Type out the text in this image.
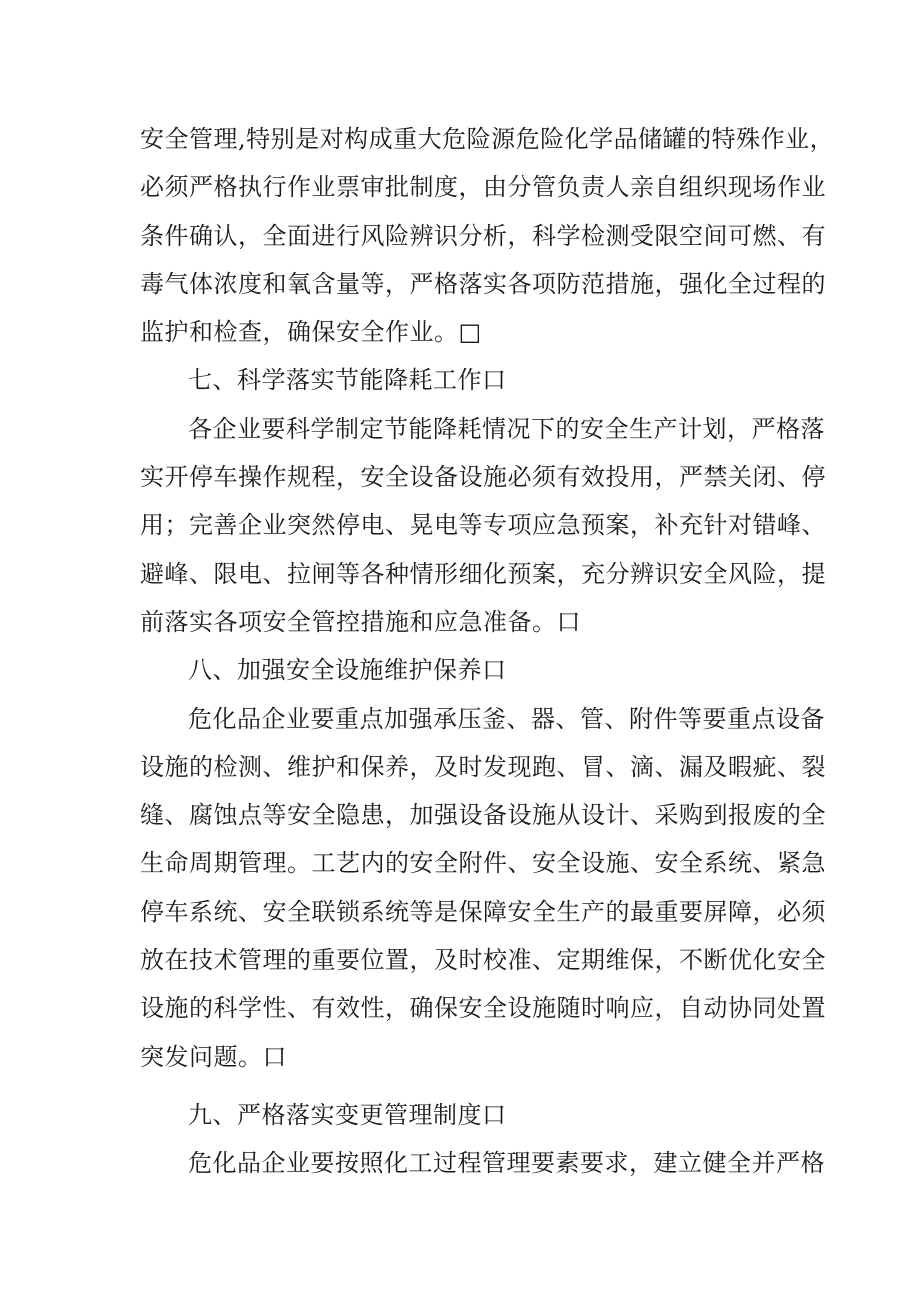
安全管理,特别是对构成重大危险源危险化学品储罐的特殊作业，
必须严格执行作业票审批制度，由分管负责人亲自组织现场作业
条件确认，全面进行风险辨识分析，科学检测受限空间可燃、有
毒气体浓度和氧含量等，严格落实各项防范措施，强化全过程的
监护和检查，确保安全作业。□
七、科学落实节能降耗工作口
各企业要科学制定节能降耗情况下的安全生产计划，严格落
实开停车操作规程，安全设备设施必须有效投用，严禁关闭、停
用；完善企业突然停电、晃电等专项应急预案，补充针对错峰、
避峰、限电、拉闸等各种情形细化预案，充分辨识安全风险，提
前落实各项安全管控措施和应急准备。口
八、加强安全设施维护保养口
危化品企业要重点加强承压釜、器、管、附件等要重点设备
设施的检测、维护和保养，及时发现跑、冒、滴、漏及暇疵、裂
缝、腐蚀点等安全隐患，加强设备设施从设计、采购到报废的全
生命周期管理。工艺内的安全附件、安全设施、安全系统、紧急
停车系统、安全联锁系统等是保障安全生产的最重要屏障，必须
放在技术管理的重要位置，及时校准、定期维保，不断优化安全
设施的科学性、有效性，确保安全设施随时响应，自动协同处置
突发问题。口
九、严格落实变更管理制度口
危化品企业要按照化工过程管理要素要求，建立健全并严格
